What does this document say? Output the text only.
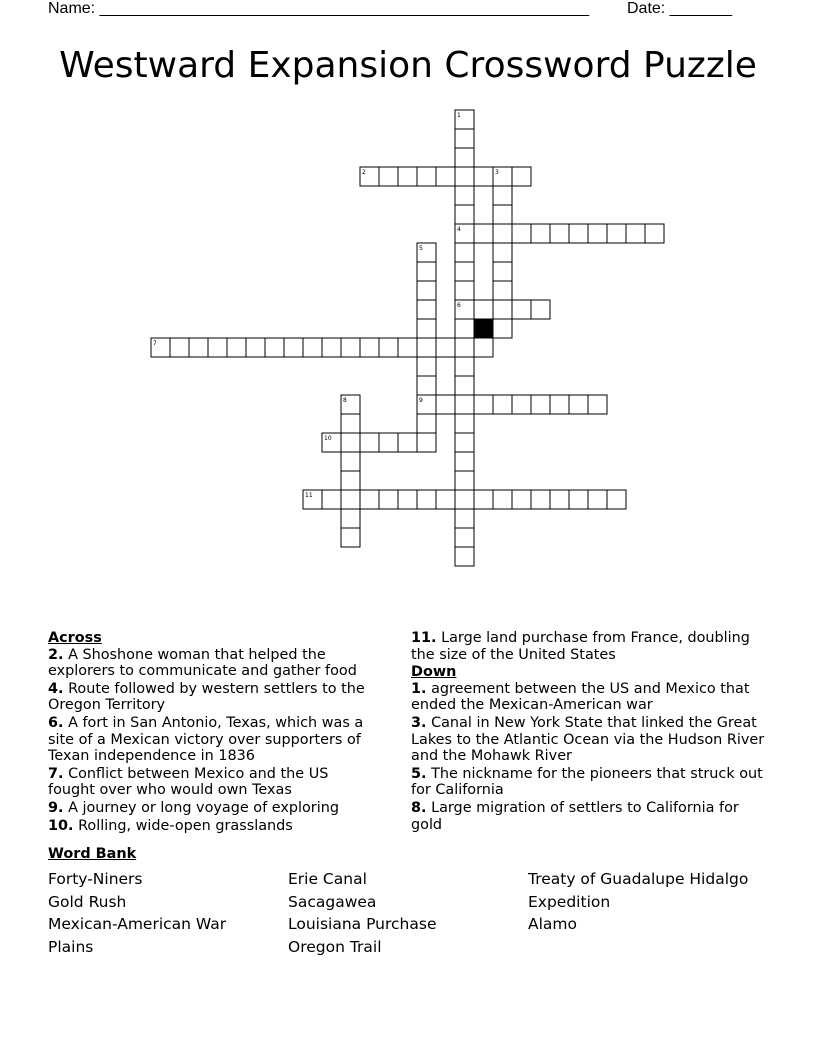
Name: _______________________________________________________ Date: _______
Westward Expansion Crossword Puzzle
1
2	3
4
5
6
7
8	9
10
11
Across
2. A Shoshone woman that helped the explorers to communicate and gather food
4. Route followed by western settlers to the Oregon Territory
6. A fort in San Antonio, Texas, which was a site of a Mexican victory over supporters of Texan independence in 1836
7. Conflict between Mexico and the US fought over who would own Texas
9. A journey or long voyage of exploring
10. Rolling, wide-open grasslands
11. Large land purchase from France, doubling the size of the United States
Down
1. agreement between the US and Mexico that ended the Mexican-American war
3. Canal in New York State that linked the Great Lakes to the Atlantic Ocean via the Hudson River and the Mohawk River
5. The nickname for the pioneers that struck out for California
8. Large migration of settlers to California for gold
Word Bank
Forty-Niners
Gold Rush
Mexican-American War
Plains
Erie Canal
Sacagawea
Louisiana Purchase
Oregon Trail
Treaty of Guadalupe Hidalgo
Expedition
Alamo
